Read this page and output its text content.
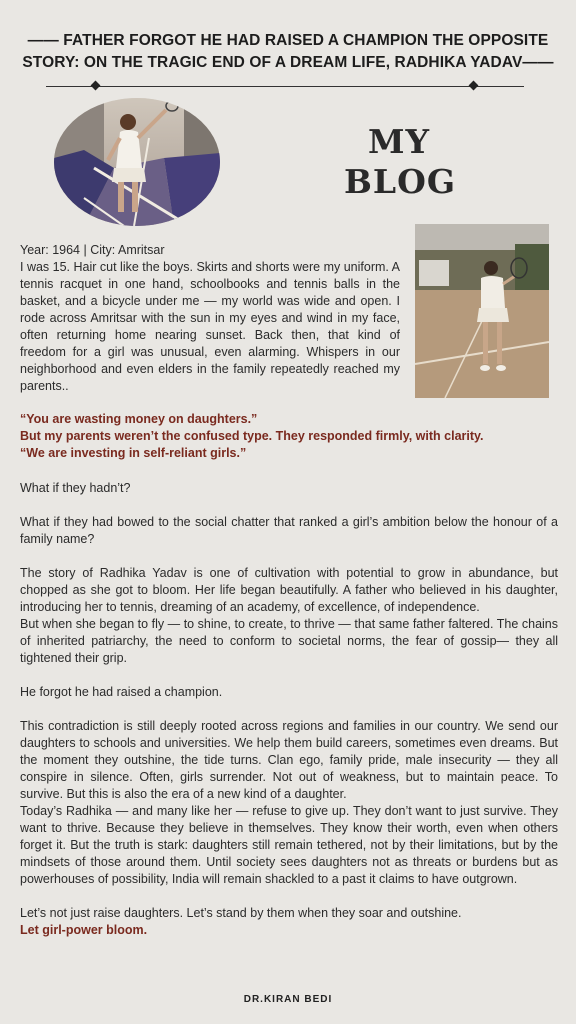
—— FATHER FORGOT HE HAD RAISED A CHAMPION THE OPPOSITE
STORY: ON THE TRAGIC END OF A DREAM LIFE, RADHIKA YADAV——
MY
BLOG

Year: 1964 | City: Amritsar

I was 15. Hair cut like the boys. Skirts and shorts were my uniform. A tennis racquet in one hand, schoolbooks and tennis balls in the basket, and a bicycle under me — my world was wide and open. I rode across Amritsar with the sun in my eyes and wind in my face, often returning home nearing sunset. Back then, that kind of freedom for a girl was unusual, even alarming. Whispers in our neighborhood and even elders in the family repeatedly reached my parents..

“You are wasting money on daughters.”
But my parents weren’t the confused type. They responded firmly, with clarity.
“We are investing in self-reliant girls.”

What if they hadn’t?

What if they had bowed to the social chatter that ranked a girl’s ambition below the honour of a family name?

The story of Radhika Yadav is one of cultivation with potential to grow in abundance, but chopped as she got to bloom. Her life began beautifully. A father who believed in his daughter, introducing her to tennis, dreaming of an academy, of excellence, of independence.

But when she began to fly — to shine, to create, to thrive — that same father faltered. The chains of inherited patriarchy, the need to conform to societal norms, the fear of gossip— they all tightened their grip.

He forgot he had raised a champion.

This contradiction is still deeply rooted across regions and families in our country. We send our daughters to schools and universities. We help them build careers, sometimes even dreams. But the moment they outshine, the tide turns. Clan ego, family pride, male insecurity — they all conspire in silence. Often, girls surrender. Not out of weakness, but to maintain peace. To survive. But this is also the era of a new kind of a daughter.

Today’s Radhika — and many like her — refuse to give up. They don’t want to just survive. They want to thrive. Because they believe in themselves. They know their worth, even when others forget it. But the truth is stark: daughters still remain tethered, not by their limitations, but by the mindsets of those around them. Until society sees daughters not as threats or burdens but as powerhouses of possibility, India will remain shackled to a past it claims to have outgrown.

Let’s not just raise daughters. Let’s stand by them when they soar and outshine.

Let girl-power bloom.

DR.KIRAN BEDI
